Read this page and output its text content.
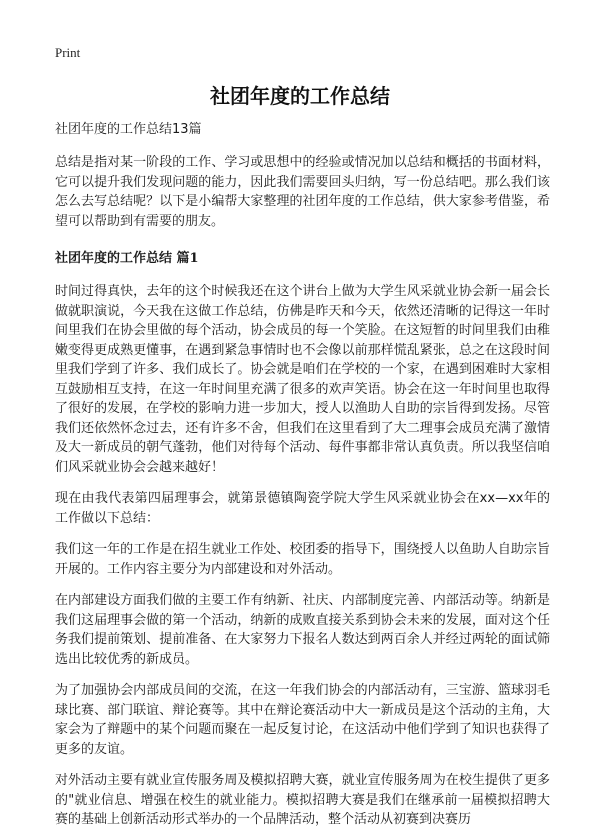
Print
社团年度的工作总结
社团年度的工作总结13篇

总结是指对某一阶段的工作、学习或思想中的经验或情况加以总结和概括的书面材料，它可以提升我们发现问题的能力，因此我们需要回头归纳，写一份总结吧。那么我们该怎么去写总结呢？以下是小编帮大家整理的社团年度的工作总结，供大家参考借鉴，希望可以帮助到有需要的朋友。

社团年度的工作总结 篇1

时间过得真快，去年的这个时候我还在这个讲台上做为大学生风采就业协会新一届会长做就职演说，今天我在这做工作总结，仿佛是昨天和今天，依然还清晰的记得这一年时间里我们在协会里做的每个活动，协会成员的每一个笑脸。在这短暂的时间里我们由稚嫩变得更成熟更懂事，在遇到紧急事情时也不会像以前那样慌乱紧张，总之在这段时间里我们学到了许多、我们成长了。协会就是咱们在学校的一个家，在遇到困难时大家相互鼓励相互支持，在这一年时间里充满了很多的欢声笑语。协会在这一年时间里也取得了很好的发展，在学校的影响力进一步加大，授人以渔助人自助的宗旨得到发扬。尽管我们还依然怀念过去，还有许多不舍，但我们在这里看到了大二理事会成员充满了激情及大一新成员的朝气蓬勃，他们对待每个活动、每件事都非常认真负责。所以我坚信咱们风采就业协会会越来越好！

现在由我代表第四届理事会，就第景德镇陶瓷学院大学生风采就业协会在xx—xx年的工作做以下总结：

我们这一年的工作是在招生就业工作处、校团委的指导下，围绕授人以鱼助人自助宗旨开展的。工作内容主要分为内部建设和对外活动。

在内部建设方面我们做的主要工作有纳新、社庆、内部制度完善、内部活动等。纳新是我们这届理事会做的第一个活动，纳新的成败直接关系到协会未来的发展，面对这个任务我们提前策划、提前准备、在大家努力下报名人数达到两百余人并经过两轮的面试筛选出比较优秀的新成员。

为了加强协会内部成员间的交流，在这一年我们协会的内部活动有，三宝游、篮球羽毛球比赛、部门联谊、辩论赛等。其中在辩论赛活动中大一新成员是这个活动的主角，大家会为了辩题中的某个问题而聚在一起反复讨论，在这活动中他们学到了知识也获得了更多的友谊。

对外活动主要有就业宣传服务周及模拟招聘大赛，就业宣传服务周为在校生提供了更多的"就业信息、增强在校生的就业能力。模拟招聘大赛是我们在继承前一届模拟招聘大赛的基础上创新活动形式举办的一个品牌活动，整个活动从初赛到决赛历
